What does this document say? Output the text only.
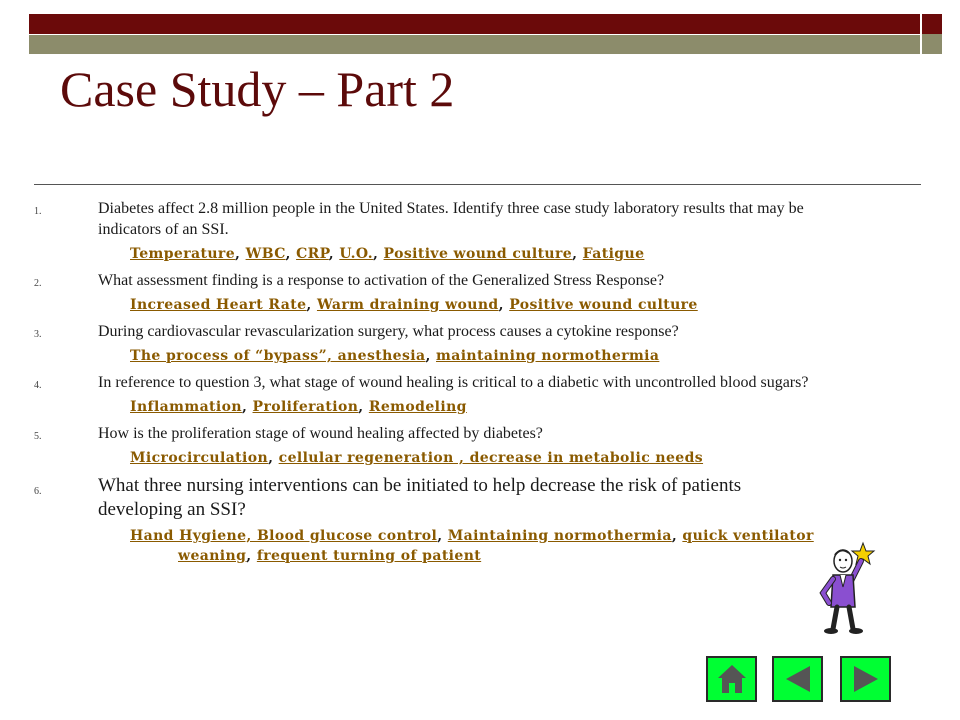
Case Study – Part 2
1.	Diabetes affect 2.8 million people in the United States. Identify three case study laboratory results that may be indicators of an SSI.

Temperature, WBC, CRP, U.O., Positive wound culture, Fatigue
2.	What assessment finding is a response to activation of the Generalized Stress Response?

Increased Heart Rate, Warm draining wound, Positive wound culture
3.	During cardiovascular revascularization surgery, what process causes a cytokine response?

The process of “bypass”, anesthesia, maintaining normothermia
4.	In reference to question 3, what stage of wound healing is critical to a diabetic with uncontrolled blood sugars?

Inflammation, Proliferation, Remodeling
5.	How is the proliferation stage of wound healing affected by diabetes?

Microcirculation, cellular regeneration , decrease in metabolic needs
6.	What three nursing interventions can be initiated to help decrease the risk of patients developing an SSI?

Hand Hygiene, Blood glucose control, Maintaining normothermia, quick ventilator
weaning, frequent turning of patient
